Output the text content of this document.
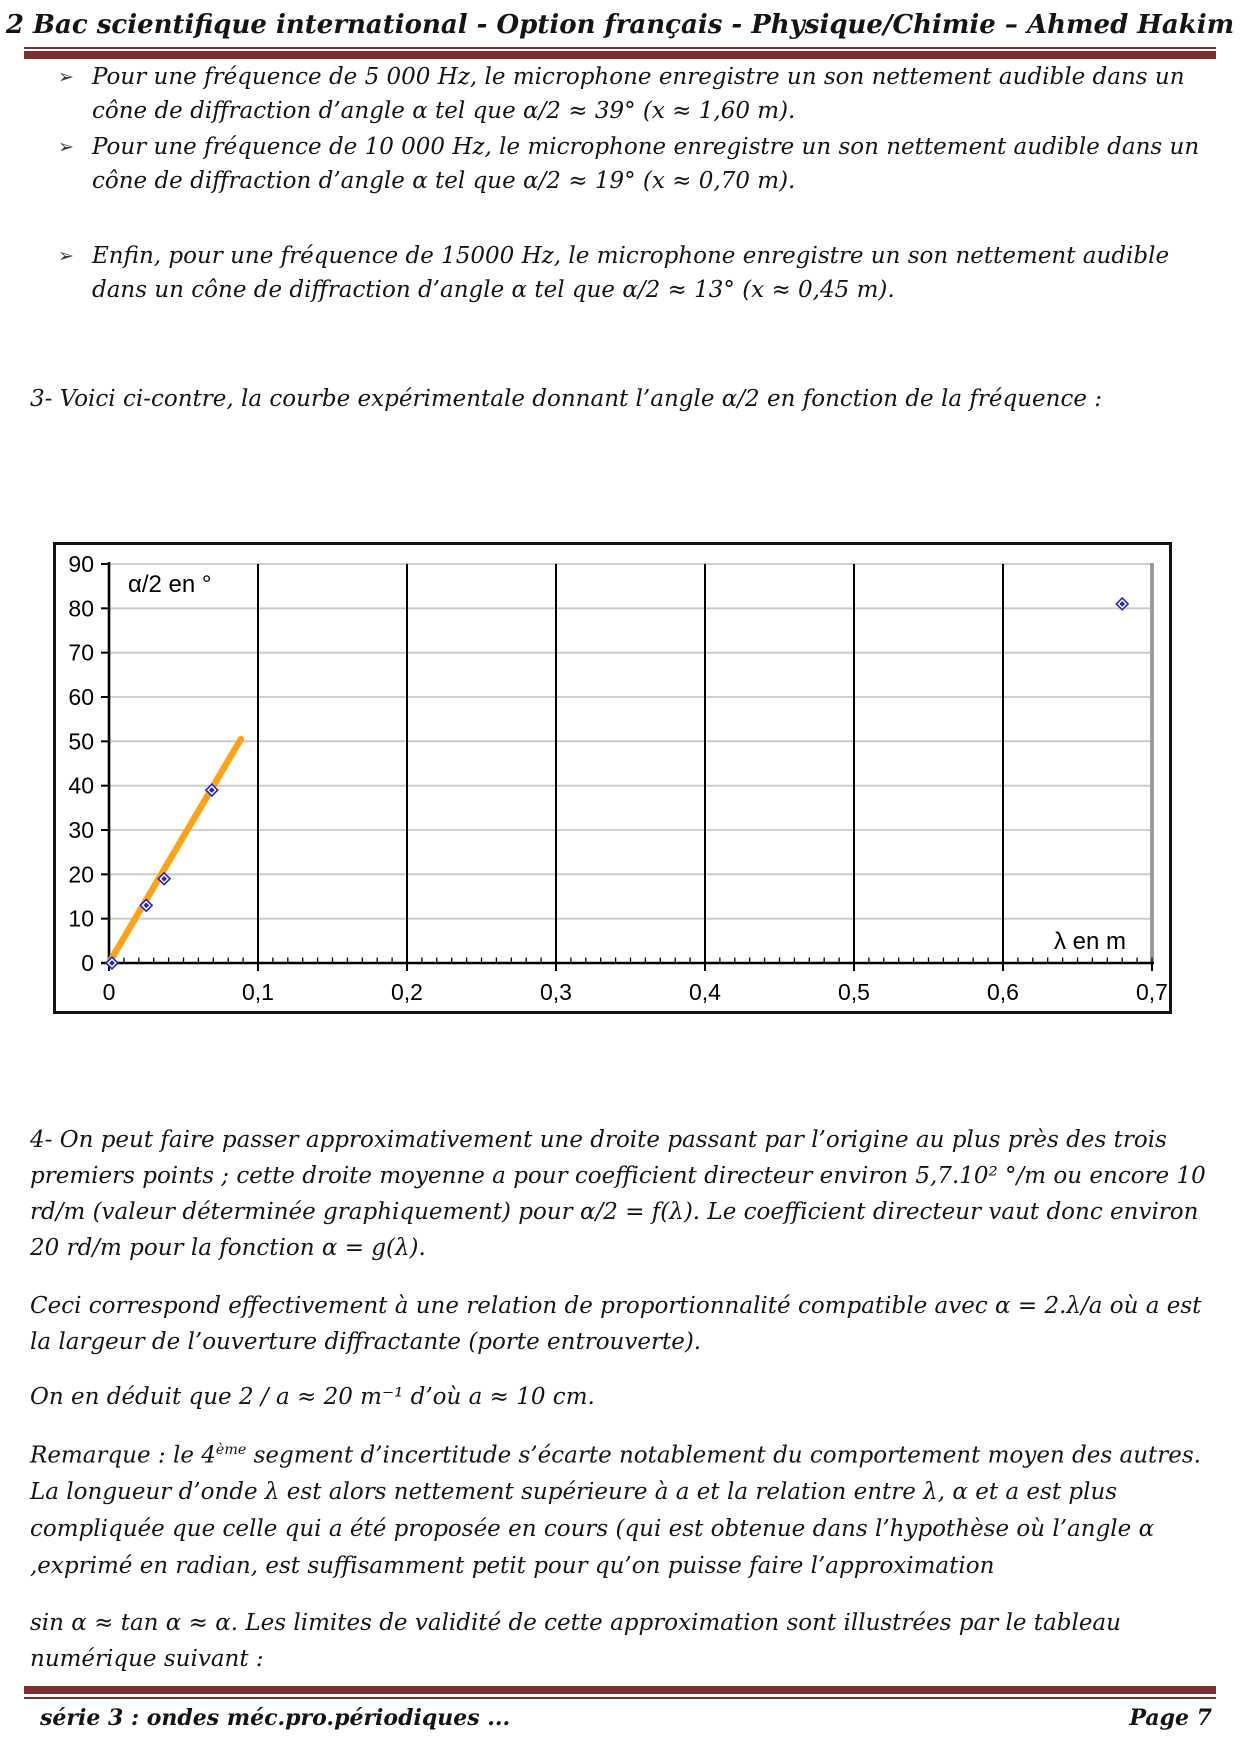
2 Bac scientifique international - Option français - Physique/Chimie – Ahmed Hakim
➢ Pour une fréquence de 5 000 Hz, le microphone enregistre un son nettement audible dans un
cône de diffraction d’angle α tel que α/2 ≈ 39° (x ≈ 1,60 m).
➢ Pour une fréquence de 10 000 Hz, le microphone enregistre un son nettement audible dans un
cône de diffraction d’angle α tel que α/2 ≈ 19° (x ≈ 0,70 m).
➢ Enfin, pour une fréquence de 15000 Hz, le microphone enregistre un son nettement audible
dans un cône de diffraction d’angle α tel que α/2 ≈ 13° (x ≈ 0,45 m).
3- Voici ci-contre, la courbe expérimentale donnant l’angle α/2 en fonction de la fréquence :
0
10
20
30
40
50
60
70
80
90
0	0,1	0,2	0,3	0,4	0,5	0,6	0,7
α/2 en °
λ en m
4- On peut faire passer approximativement une droite passant par l’origine au plus près des trois
premiers points ; cette droite moyenne a pour coefficient directeur environ 5,7.10² °/m ou encore 10
rd/m (valeur déterminée graphiquement) pour α/2 = f(λ). Le coefficient directeur vaut donc environ
20 rd/m pour la fonction α = g(λ).
Ceci correspond effectivement à une relation de proportionnalité compatible avec α = 2.λ/a où a est
la largeur de l’ouverture diffractante (porte entrouverte).
On en déduit que 2 / a ≈ 20 m⁻¹ d’où a ≈ 10 cm.
Remarque : le 4ème segment d’incertitude s’écarte notablement du comportement moyen des autres.
La longueur d’onde λ est alors nettement supérieure à a et la relation entre λ, α et a est plus
compliquée que celle qui a été proposée en cours (qui est obtenue dans l’hypothèse où l’angle α
,exprimé en radian, est suffisamment petit pour qu’on puisse faire l’approximation
sin α ≈ tan α ≈ α. Les limites de validité de cette approximation sont illustrées par le tableau
numérique suivant :
série 3 : ondes méc.pro.périodiques ...	Page 7
